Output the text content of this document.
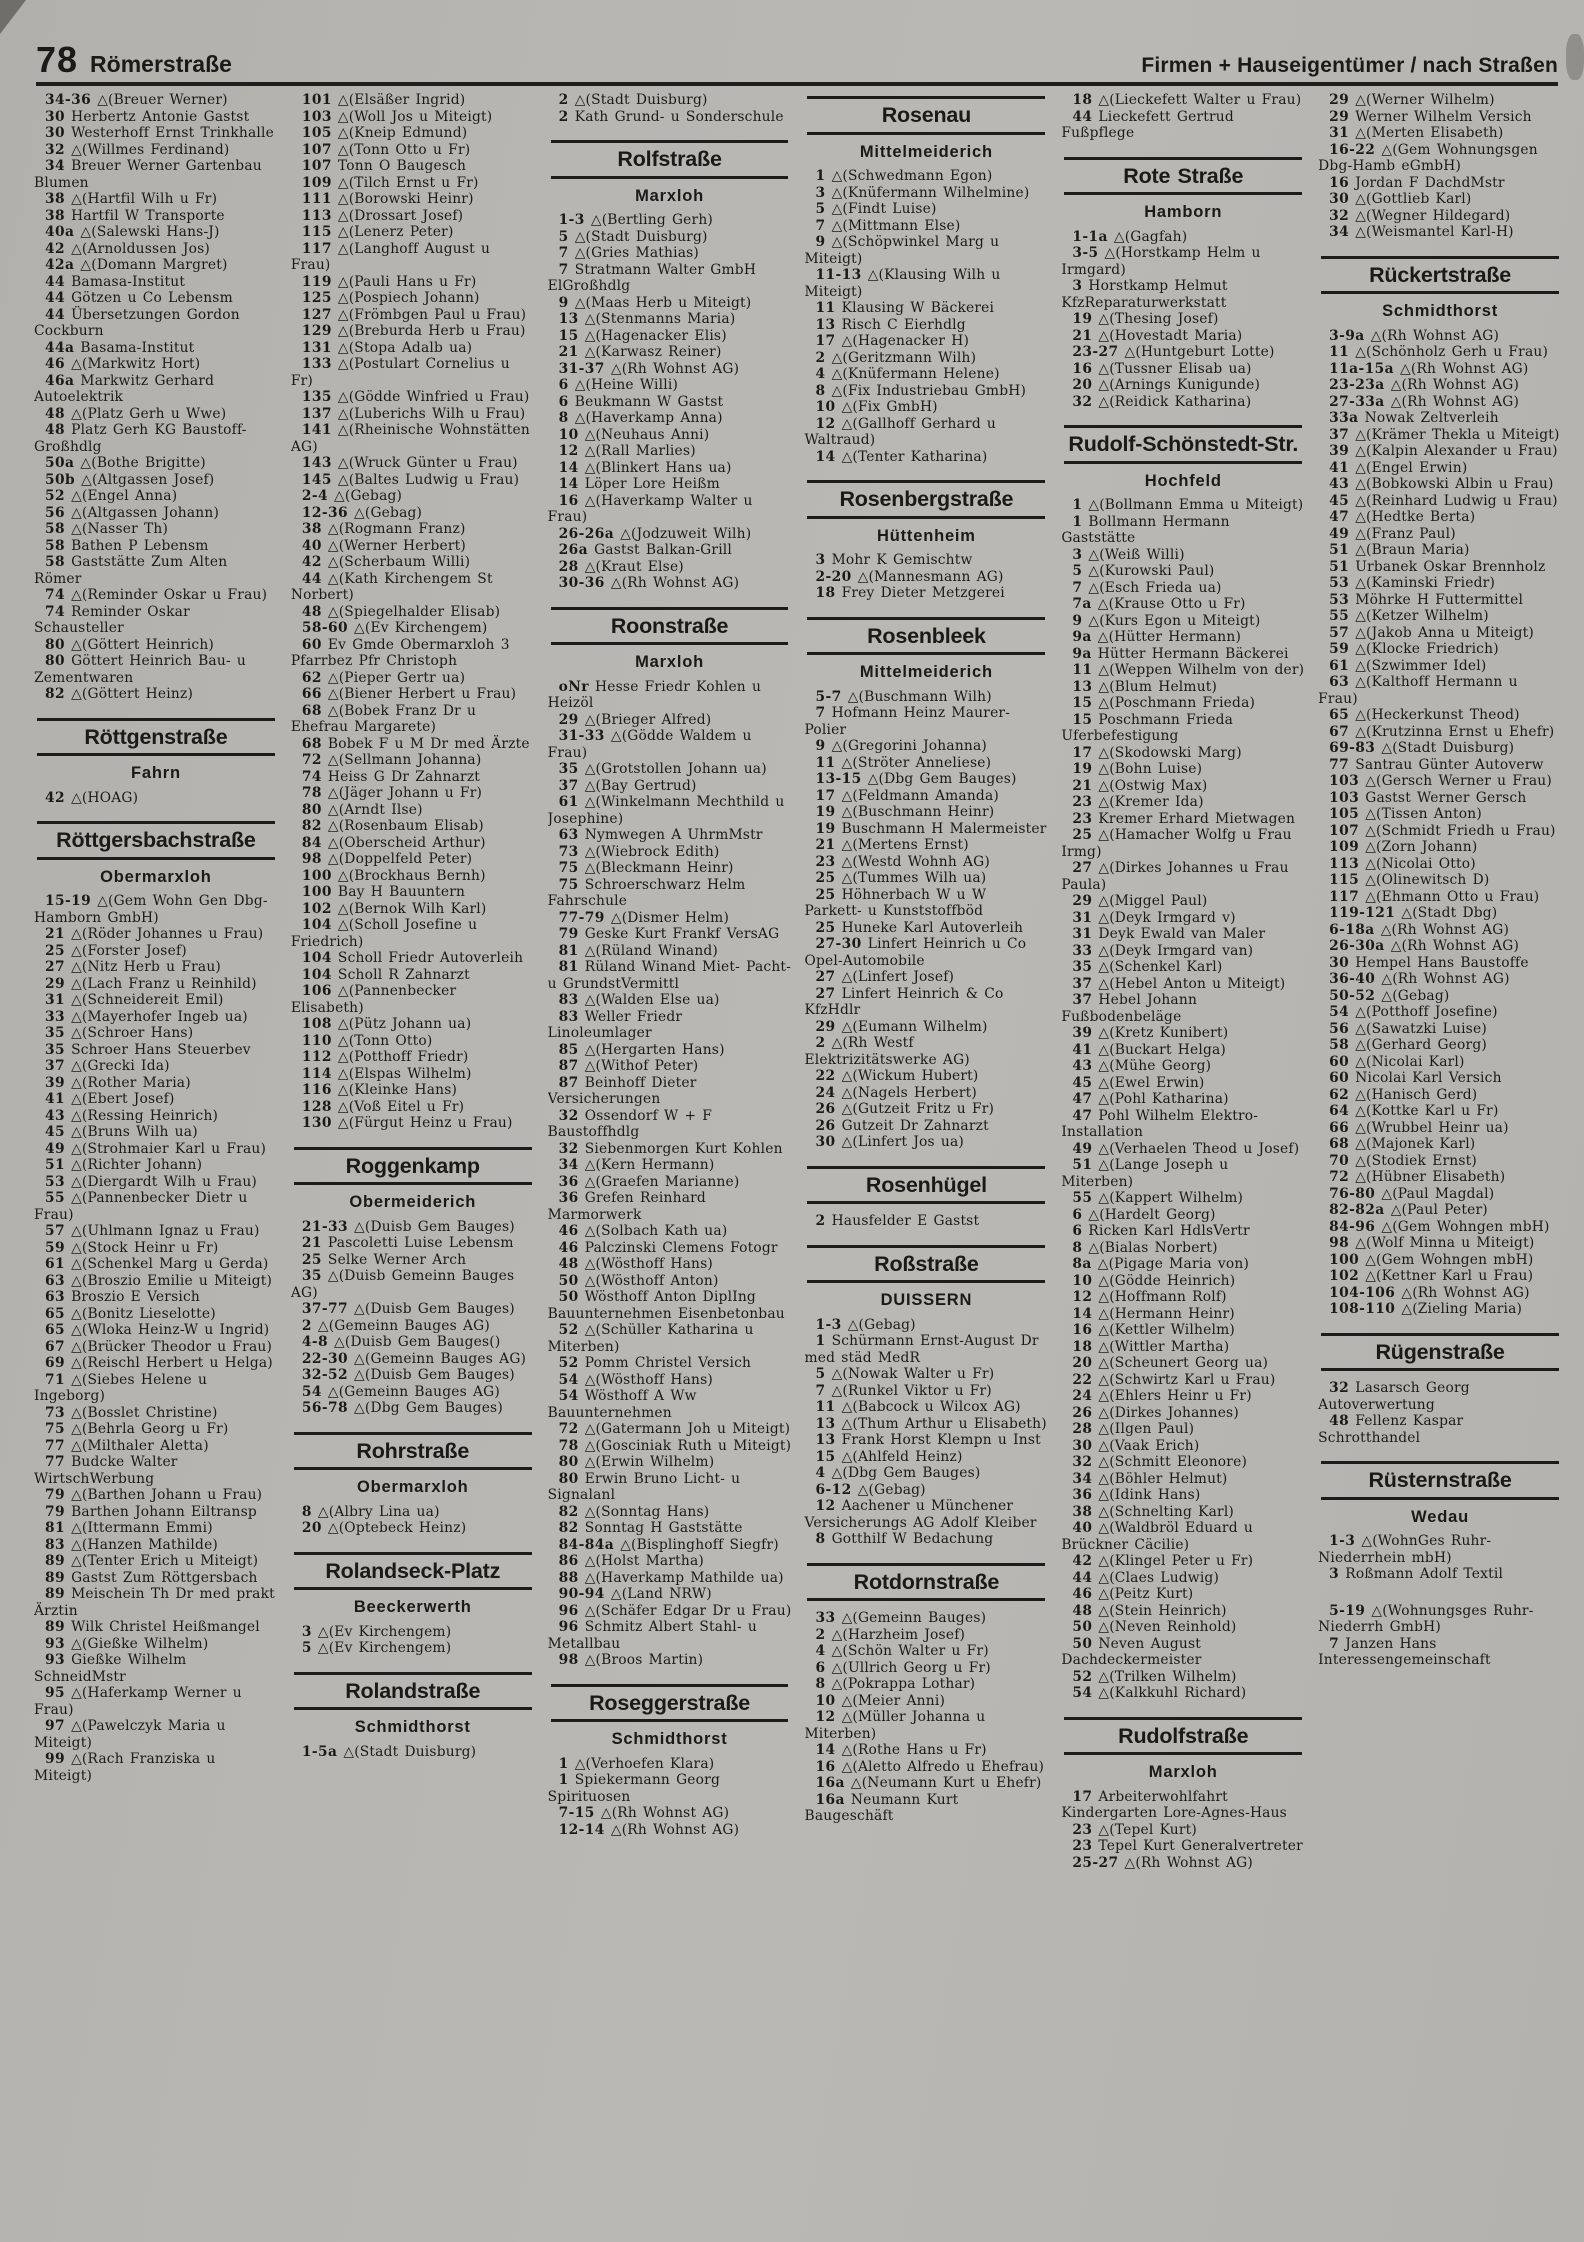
78 Römerstraße	Firmen + Hauseigentümer / nach Straßen

34-36 △(Breuer Werner)

30 Herbertz Antonie Gastst

30 Westerhoff Ernst Trinkhalle

32 △(Willmes Ferdinand)

34 Breuer Werner Gartenbau Blumen

38 △(Hartfil Wilh u Fr)

38 Hartfil W Transporte

40a △(Salewski Hans-J)

42 △(Arnoldussen Jos)

42a △(Domann Margret)

44 Bamasa-Institut

44 Götzen u Co Lebensm

44 Übersetzungen Gordon Cockburn

44a Basama-Institut

46 △(Markwitz Hort)

46a Markwitz Gerhard Autoelektrik

48 △(Platz Gerh u Wwe)

48 Platz Gerh KG Baustoff-Großhdlg

50a △(Bothe Brigitte)

50b △(Altgassen Josef)

52 △(Engel Anna)

56 △(Altgassen Johann)

58 △(Nasser Th)

58 Bathen P Lebensm

58 Gaststätte Zum Alten Römer

74 △(Reminder Oskar u Frau)

74 Reminder Oskar Schausteller

80 △(Göttert Heinrich)

80 Göttert Heinrich Bau- u Zementwaren

82 △(Göttert Heinz)

Röttgenstraße
Fahrn

42 △(HOAG)

Röttgersbachstraße
Obermarxloh

15-19 △(Gem Wohn Gen Dbg-Hamborn GmbH)

21 △(Röder Johannes u Frau)

25 △(Forster Josef)

27 △(Nitz Herb u Frau)

29 △(Lach Franz u Reinhild)

31 △(Schneidereit Emil)

33 △(Mayerhofer Ingeb ua)

35 △(Schroer Hans)

35 Schroer Hans Steuerbev

37 △(Grecki Ida)

39 △(Rother Maria)

41 △(Ebert Josef)

43 △(Ressing Heinrich)

45 △(Bruns Wilh ua)

49 △(Strohmaier Karl u Frau)

51 △(Richter Johann)

53 △(Diergardt Wilh u Frau)

55 △(Pannenbecker Dietr u Frau)

57 △(Uhlmann Ignaz u Frau)

59 △(Stock Heinr u Fr)

61 △(Schenkel Marg u Gerda)

63 △(Broszio Emilie u Miteigt)

63 Broszio E Versich

65 △(Bonitz Lieselotte)

65 △(Wloka Heinz-W u Ingrid)

67 △(Brücker Theodor u Frau)

69 △(Reischl Herbert u Helga)

71 △(Siebes Helene u Ingeborg)

73 △(Bosslet Christine)

75 △(Behrla Georg u Fr)

77 △(Milthaler Aletta)

77 Budcke Walter WirtschWerbung

79 △(Barthen Johann u Frau)

79 Barthen Johann Eiltransp

81 △(Ittermann Emmi)

83 △(Hanzen Mathilde)

89 △(Tenter Erich u Miteigt)

89 Gastst Zum Röttgersbach

89 Meischein Th Dr med prakt Ärztin

89 Wilk Christel Heißmangel

93 △(Gießke Wilhelm)

93 Gießke Wilhelm SchneidMstr

95 △(Haferkamp Werner u Frau)

97 △(Pawelczyk Maria u Miteigt)

99 △(Rach Franziska u Miteigt)

101 △(Elsäßer Ingrid)

103 △(Woll Jos u Miteigt)

105 △(Kneip Edmund)

107 △(Tonn Otto u Fr)

107 Tonn O Baugesch

109 △(Tilch Ernst u Fr)

111 △(Borowski Heinr)

113 △(Drossart Josef)

115 △(Lenerz Peter)

117 △(Langhoff August u Frau)

119 △(Pauli Hans u Fr)

125 △(Pospiech Johann)

127 △(Frömbgen Paul u Frau)

129 △(Breburda Herb u Frau)

131 △(Stopa Adalb ua)

133 △(Postulart Cornelius u Fr)

135 △(Gödde Winfried u Frau)

137 △(Luberichs Wilh u Frau)

141 △(Rheinische Wohnstätten AG)

143 △(Wruck Günter u Frau)

145 △(Baltes Ludwig u Frau)

2-4 △(Gebag)

12-36 △(Gebag)

38 △(Rogmann Franz)

40 △(Werner Herbert)

42 △(Scherbaum Willi)

44 △(Kath Kirchengem St Norbert)

48 △(Spiegelhalder Elisab)

58-60 △(Ev Kirchengem)

60 Ev Gmde Obermarxloh 3 Pfarrbez Pfr Christoph

62 △(Pieper Gertr ua)

66 △(Biener Herbert u Frau)

68 △(Bobek Franz Dr u Ehefrau Margarete)

68 Bobek F u M Dr med Ärzte

72 △(Sellmann Johanna)

74 Heiss G Dr Zahnarzt

78 △(Jäger Johann u Fr)

80 △(Arndt Ilse)

82 △(Rosenbaum Elisab)

84 △(Oberscheid Arthur)

98 △(Doppelfeld Peter)

100 △(Brockhaus Bernh)

100 Bay H Bauuntern

102 △(Bernok Wilh Karl)

104 △(Scholl Josefine u Friedrich)

104 Scholl Friedr Autoverleih

104 Scholl R Zahnarzt

106 △(Pannenbecker Elisabeth)

108 △(Pütz Johann ua)

110 △(Tonn Otto)

112 △(Potthoff Friedr)

114 △(Elspas Wilhelm)

116 △(Kleinke Hans)

128 △(Voß Eitel u Fr)

130 △(Fürgut Heinz u Frau)

Roggenkamp
Obermeiderich

21-33 △(Duisb Gem Bauges)

21 Pascoletti Luise Lebensm

25 Selke Werner Arch

35 △(Duisb Gemeinn Bauges AG)

37-77 △(Duisb Gem Bauges)

2 △(Gemeinn Bauges AG)

4-8 △(Duisb Gem Bauges()

22-30 △(Gemeinn Bauges AG)

32-52 △(Duisb Gem Bauges)

54 △(Gemeinn Bauges AG)

56-78 △(Dbg Gem Bauges)

Rohrstraße
Obermarxloh

8 △(Albry Lina ua)

20 △(Optebeck Heinz)

Rolandseck-Platz
Beeckerwerth

3 △(Ev Kirchengem)

5 △(Ev Kirchengem)

Rolandstraße
Schmidthorst

1-5a △(Stadt Duisburg)

2 △(Stadt Duisburg)

2 Kath Grund- u Sonderschule

Rolfstraße
Marxloh

1-3 △(Bertling Gerh)

5 △(Stadt Duisburg)

7 △(Gries Mathias)

7 Stratmann Walter GmbH ElGroßhdlg

9 △(Maas Herb u Miteigt)

13 △(Stenmanns Maria)

15 △(Hagenacker Elis)

21 △(Karwasz Reiner)

31-37 △(Rh Wohnst AG)

6 △(Heine Willi)

6 Beukmann W Gastst

8 △(Haverkamp Anna)

10 △(Neuhaus Anni)

12 △(Rall Marlies)

14 △(Blinkert Hans ua)

14 Löper Lore Heißm

16 △(Haverkamp Walter u Frau)

26-26a △(Jodzuweit Wilh)

26a Gastst Balkan-Grill

28 △(Kraut Else)

30-36 △(Rh Wohnst AG)

Roonstraße
Marxloh

oNr Hesse Friedr Kohlen u Heizöl

29 △(Brieger Alfred)

31-33 △(Gödde Waldem u Frau)

35 △(Grotstollen Johann ua)

37 △(Bay Gertrud)

61 △(Winkelmann Mechthild u Josephine)

63 Nymwegen A UhrmMstr

73 △(Wiebrock Edith)

75 △(Bleckmann Heinr)

75 Schroerschwarz Helm Fahrschule

77-79 △(Dismer Helm)

79 Geske Kurt Frankf VersAG

81 △(Rüland Winand)

81 Rüland Winand Miet- Pacht- u GrundstVermittl

83 △(Walden Else ua)

83 Weller Friedr Linoleumlager

85 △(Hergarten Hans)

87 △(Withof Peter)

87 Beinhoff Dieter Versicherungen

32 Ossendorf W + F Baustoffhdlg

32 Siebenmorgen Kurt Kohlen

34 △(Kern Hermann)

36 △(Graefen Marianne)

36 Grefen Reinhard Marmorwerk

46 △(Solbach Kath ua)

46 Palczinski Clemens Fotogr

48 △(Wösthoff Hans)

50 △(Wösthoff Anton)

50 Wösthoff Anton DiplIng Bauunternehmen Eisenbetonbau

52 △(Schüller Katharina u Miterben)

52 Pomm Christel Versich

54 △(Wösthoff Hans)

54 Wösthoff A Ww Bauunternehmen

72 △(Gatermann Joh u Miteigt)

78 △(Gosciniak Ruth u Miteigt)

80 △(Erwin Wilhelm)

80 Erwin Bruno Licht- u Signalanl

82 △(Sonntag Hans)

82 Sonntag H Gaststätte

84-84a △(Bisplinghoff Siegfr)

86 △(Holst Martha)

88 △(Haverkamp Mathilde ua)

90-94 △(Land NRW)

96 △(Schäfer Edgar Dr u Frau)

96 Schmitz Albert Stahl- u Metallbau

98 △(Broos Martin)

Roseggerstraße
Schmidthorst

1 △(Verhoefen Klara)

1 Spiekermann Georg Spirituosen

7-15 △(Rh Wohnst AG)

12-14 △(Rh Wohnst AG)

Rosenau
Mittelmeiderich

1 △(Schwedmann Egon)

3 △(Knüfermann Wilhelmine)

5 △(Findt Luise)

7 △(Mittmann Else)

9 △(Schöpwinkel Marg u Miteigt)

11-13 △(Klausing Wilh u Miteigt)

11 Klausing W Bäckerei

13 Risch C Eierhdlg

17 △(Hagenacker H)

2 △(Geritzmann Wilh)

4 △(Knüfermann Helene)

8 △(Fix Industriebau GmbH)

10 △(Fix GmbH)

12 △(Gallhoff Gerhard u Waltraud)

14 △(Tenter Katharina)

Rosenbergstraße
Hüttenheim

3 Mohr K Gemischtw

2-20 △(Mannesmann AG)

18 Frey Dieter Metzgerei

Rosenbleek
Mittelmeiderich

5-7 △(Buschmann Wilh)

7 Hofmann Heinz Maurer-Polier

9 △(Gregorini Johanna)

11 △(Ströter Anneliese)

13-15 △(Dbg Gem Bauges)

17 △(Feldmann Amanda)

19 △(Buschmann Heinr)

19 Buschmann H Malermeister

21 △(Mertens Ernst)

23 △(Westd Wohnh AG)

25 △(Tummes Wilh ua)

25 Höhnerbach W u W Parkett- u Kunststoffböd

25 Huneke Karl Autoverleih

27-30 Linfert Heinrich u Co Opel-Automobile

27 △(Linfert Josef)

27 Linfert Heinrich & Co KfzHdlr

29 △(Eumann Wilhelm)

2 △(Rh Westf Elektrizitätswerke AG)

22 △(Wickum Hubert)

24 △(Nagels Herbert)

26 △(Gutzeit Fritz u Fr)

26 Gutzeit Dr Zahnarzt

30 △(Linfert Jos ua)

Rosenhügel

2 Hausfelder E Gastst

Roßstraße
DUISSERN

1-3 △(Gebag)

1 Schürmann Ernst-August Dr med städ MedR

5 △(Nowak Walter u Fr)

7 △(Runkel Viktor u Fr)

11 △(Babcock u Wilcox AG)

13 △(Thum Arthur u Elisabeth)

13 Frank Horst Klempn u Inst

15 △(Ahlfeld Heinz)

4 △(Dbg Gem Bauges)

6-12 △(Gebag)

12 Aachener u Münchener Versicherungs AG Adolf Kleiber

8 Gotthilf W Bedachung

Rotdornstraße

33 △(Gemeinn Bauges)

2 △(Harzheim Josef)

4 △(Schön Walter u Fr)

6 △(Ullrich Georg u Fr)

8 △(Pokrappa Lothar)

10 △(Meier Anni)

12 △(Müller Johanna u Miterben)

14 △(Rothe Hans u Fr)

16 △(Aletto Alfredo u Ehefrau)

16a △(Neumann Kurt u Ehefr)

16a Neumann Kurt Baugeschäft

18 △(Lieckefett Walter u Frau)

44 Lieckefett Gertrud Fußpflege

Rote Straße
Hamborn

1-1a △(Gagfah)

3-5 △(Horstkamp Helm u Irmgard)

3 Horstkamp Helmut KfzReparaturwerkstatt

19 △(Thesing Josef)

21 △(Hovestadt Maria)

23-27 △(Huntgeburt Lotte)

16 △(Tussner Elisab ua)

20 △(Arnings Kunigunde)

32 △(Reidick Katharina)

Rudolf-Schönstedt-Str.
Hochfeld

1 △(Bollmann Emma u Miteigt)

1 Bollmann Hermann Gaststätte

3 △(Weiß Willi)

5 △(Kurowski Paul)

7 △(Esch Frieda ua)

7a △(Krause Otto u Fr)

9 △(Kurs Egon u Miteigt)

9a △(Hütter Hermann)

9a Hütter Hermann Bäckerei

11 △(Weppen Wilhelm von der)

13 △(Blum Helmut)

15 △(Poschmann Frieda)

15 Poschmann Frieda Uferbefestigung

17 △(Skodowski Marg)

19 △(Bohn Luise)

21 △(Ostwig Max)

23 △(Kremer Ida)

23 Kremer Erhard Mietwagen

25 △(Hamacher Wolfg u Frau Irmg)

27 △(Dirkes Johannes u Frau Paula)

29 △(Miggel Paul)

31 △(Deyk Irmgard v)

31 Deyk Ewald van Maler

33 △(Deyk Irmgard van)

35 △(Schenkel Karl)

37 △(Hebel Anton u Miteigt)

37 Hebel Johann Fußbodenbeläge

39 △(Kretz Kunibert)

41 △(Buckart Helga)

43 △(Mühe Georg)

45 △(Ewel Erwin)

47 △(Pohl Katharina)

47 Pohl Wilhelm Elektro-Installation

49 △(Verhaelen Theod u Josef)

51 △(Lange Joseph u Miterben)

55 △(Kappert Wilhelm)

6 △(Hardelt Georg)

6 Ricken Karl HdlsVertr

8 △(Bialas Norbert)

8a △(Pigage Maria von)

10 △(Gödde Heinrich)

12 △(Hoffmann Rolf)

14 △(Hermann Heinr)

16 △(Kettler Wilhelm)

18 △(Wittler Martha)

20 △(Scheunert Georg ua)

22 △(Schwirtz Karl u Frau)

24 △(Ehlers Heinr u Fr)

26 △(Dirkes Johannes)

28 △(Ilgen Paul)

30 △(Vaak Erich)

32 △(Schmitt Eleonore)

34 △(Böhler Helmut)

36 △(Idink Hans)

38 △(Schnelting Karl)

40 △(Waldbröl Eduard u Brückner Cäcilie)

42 △(Klingel Peter u Fr)

44 △(Claes Ludwig)

46 △(Peitz Kurt)

48 △(Stein Heinrich)

50 △(Neven Reinhold)

50 Neven August Dachdeckermeister

52 △(Trilken Wilhelm)

54 △(Kalkkuhl Richard)

Rudolfstraße
Marxloh

17 Arbeiterwohlfahrt Kindergarten Lore-Agnes-Haus

23 △(Tepel Kurt)

23 Tepel Kurt Generalvertreter

25-27 △(Rh Wohnst AG)

29 △(Werner Wilhelm)

29 Werner Wilhelm Versich

31 △(Merten Elisabeth)

16-22 △(Gem Wohnungsgen Dbg-Hamb eGmbH)

16 Jordan F DachdMstr

30 △(Gottlieb Karl)

32 △(Wegner Hildegard)

34 △(Weismantel Karl-H)

Rückertstraße
Schmidthorst

3-9a △(Rh Wohnst AG)

11 △(Schönholz Gerh u Frau)

11a-15a △(Rh Wohnst AG)

23-23a △(Rh Wohnst AG)

27-33a △(Rh Wohnst AG)

33a Nowak Zeltverleih

37 △(Krämer Thekla u Miteigt)

39 △(Kalpin Alexander u Frau)

41 △(Engel Erwin)

43 △(Bobkowski Albin u Frau)

45 △(Reinhard Ludwig u Frau)

47 △(Hedtke Berta)

49 △(Franz Paul)

51 △(Braun Maria)

51 Urbanek Oskar Brennholz

53 △(Kaminski Friedr)

53 Möhrke H Futtermittel

55 △(Ketzer Wilhelm)

57 △(Jakob Anna u Miteigt)

59 △(Klocke Friedrich)

61 △(Szwimmer Idel)

63 △(Kalthoff Hermann u Frau)

65 △(Heckerkunst Theod)

67 △(Krutzinna Ernst u Ehefr)

69-83 △(Stadt Duisburg)

77 Santrau Günter Autoverw

103 △(Gersch Werner u Frau)

103 Gastst Werner Gersch

105 △(Tissen Anton)

107 △(Schmidt Friedh u Frau)

109 △(Zorn Johann)

113 △(Nicolai Otto)

115 △(Olinewitsch D)

117 △(Ehmann Otto u Frau)

119-121 △(Stadt Dbg)

6-18a △(Rh Wohnst AG)

26-30a △(Rh Wohnst AG)

30 Hempel Hans Baustoffe

36-40 △(Rh Wohnst AG)

50-52 △(Gebag)

54 △(Potthoff Josefine)

56 △(Sawatzki Luise)

58 △(Gerhard Georg)

60 △(Nicolai Karl)

60 Nicolai Karl Versich

62 △(Hanisch Gerd)

64 △(Kottke Karl u Fr)

66 △(Wrubbel Heinr ua)

68 △(Majonek Karl)

70 △(Stodiek Ernst)

72 △(Hübner Elisabeth)

76-80 △(Paul Magdal)

82-82a △(Paul Peter)

84-96 △(Gem Wohngen mbH)

98 △(Wolf Minna u Miteigt)

100 △(Gem Wohngen mbH)

102 △(Kettner Karl u Frau)

104-106 △(Rh Wohnst AG)

108-110 △(Zieling Maria)

Rügenstraße

32 Lasarsch Georg Autoverwertung

48 Fellenz Kaspar Schrotthandel

Rüsternstraße
Wedau

1-3 △(WohnGes Ruhr-Niederrhein mbH)

3 Roßmann Adolf Textil

5-19 △(Wohnungsges Ruhr-Niederrh GmbH)

7 Janzen Hans Interessengemeinschaft
